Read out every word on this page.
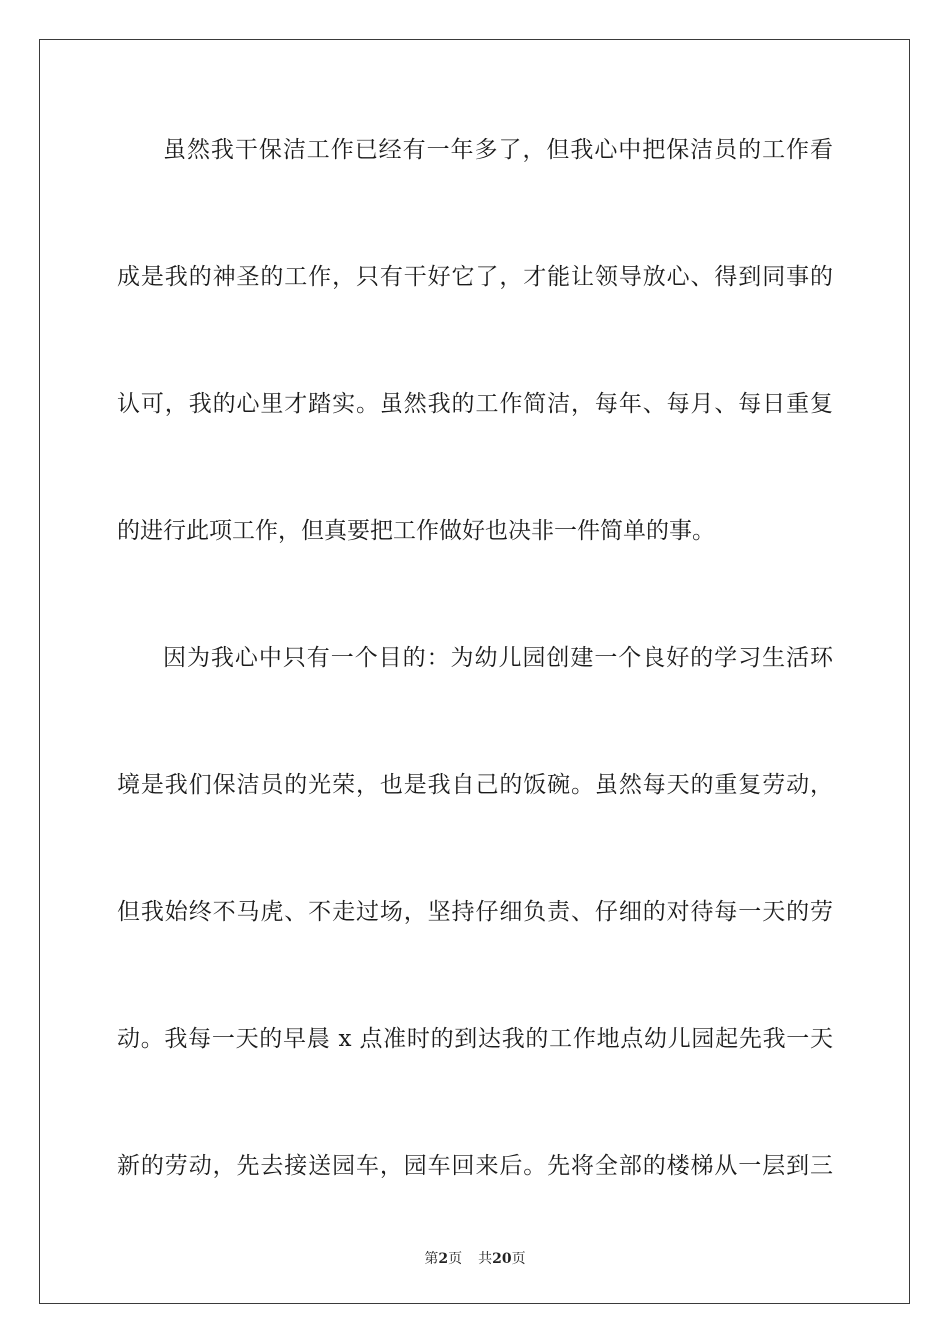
虽然我干保洁工作已经有一年多了，但我心中把保洁员的工作看
成是我的神圣的工作，只有干好它了，才能让领导放心、得到同事的
认可，我的心里才踏实。虽然我的工作简洁，每年、每月、每日重复
的进行此项工作，但真要把工作做好也决非一件简单的事。
因为我心中只有一个目的：为幼儿园创建一个良好的学习生活环
境是我们保洁员的光荣，也是我自己的饭碗。虽然每天的重复劳动，
但我始终不马虎、不走过场，坚持仔细负责、仔细的对待每一天的劳
动。我每一天的早晨 x 点准时的到达我的工作地点幼儿园起先我一天
新的劳动，先去接送园车，园车回来后。先将全部的楼梯从一层到三
第2页 共20页
